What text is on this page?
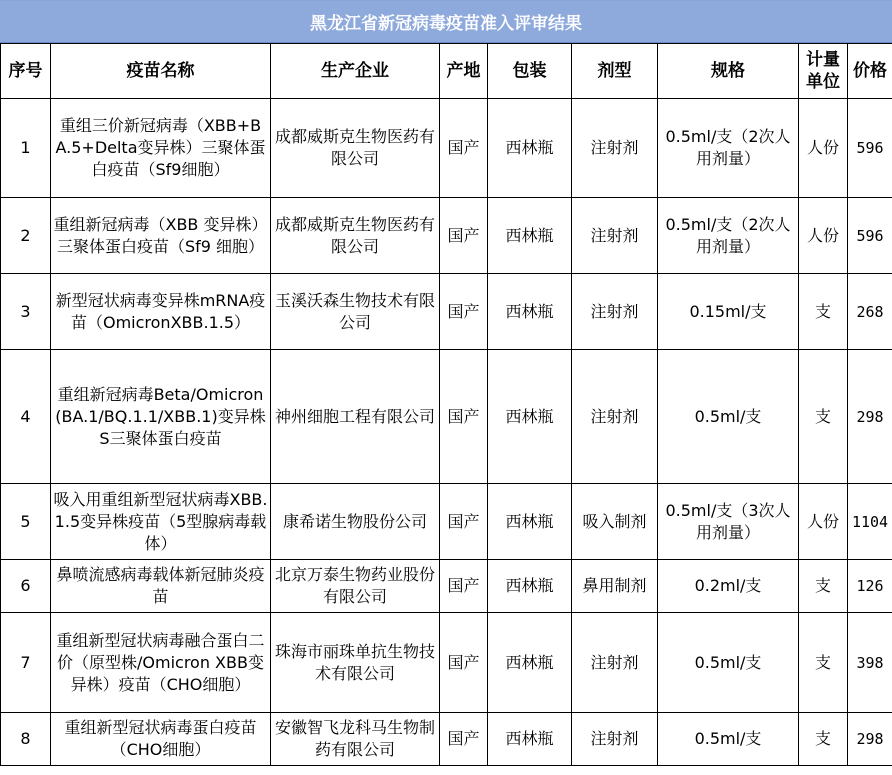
黑龙江省新冠病毒疫苗准入评审结果
序号	疫苗名称	生产企业	产地	包装	剂型	规格	计量单位	价格
1	重组三价新冠病毒（XBB+BA.5+Delta变异株）三聚体蛋白疫苗（Sf9细胞）	成都威斯克生物医药有限公司	国产	西林瓶	注射剂	0.5ml/支（2次人用剂量）	人份	596
2	重组新冠病毒（XBB 变异株）三聚体蛋白疫苗（Sf9 细胞）	成都威斯克生物医药有限公司	国产	西林瓶	注射剂	0.5ml/支（2次人用剂量）	人份	596
3	新型冠状病毒变异株mRNA疫苗（OmicronXBB.1.5）	玉溪沃森生物技术有限公司	国产	西林瓶	注射剂	0.15ml/支	支	268
4	重组新冠病毒Beta/Omicron(BA.1/BQ.1.1/XBB.1)变异株S三聚体蛋白疫苗	神州细胞工程有限公司	国产	西林瓶	注射剂	0.5ml/支	支	298
5	吸入用重组新型冠状病毒XBB.1.5变异株疫苗（5型腺病毒载体）	康希诺生物股份公司	国产	西林瓶	吸入制剂	0.5ml/支（3次人用剂量）	人份	1104
6	鼻喷流感病毒载体新冠肺炎疫苗	北京万泰生物药业股份有限公司	国产	西林瓶	鼻用制剂	0.2ml/支	支	126
7	重组新型冠状病毒融合蛋白二价（原型株/Omicron XBB变异株）疫苗（CHO细胞）	珠海市丽珠单抗生物技术有限公司	国产	西林瓶	注射剂	0.5ml/支	支	398
8	重组新型冠状病毒蛋白疫苗（CHO细胞）	安徽智飞龙科马生物制药有限公司	国产	西林瓶	注射剂	0.5ml/支	支	298
